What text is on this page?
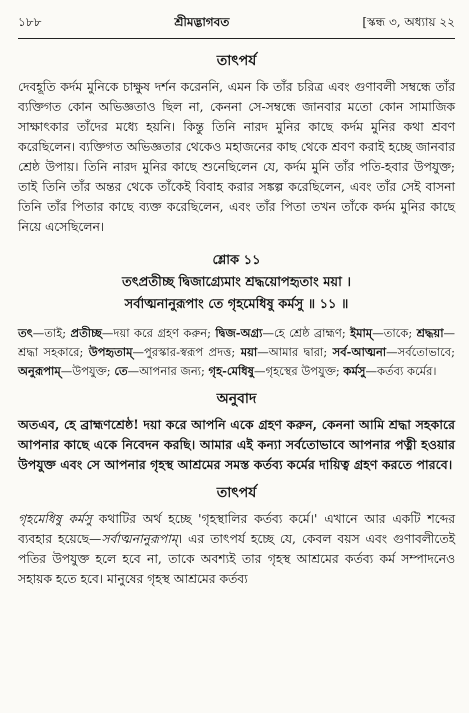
১৮৮	শ্রীমদ্ভাগবত	[স্কন্ধ ৩, অধ্যায় ২২
তাৎপর্য
দেবহূতি কর্দম মুনিকে চাক্ষুষ দর্শন করেননি, এমন কি তাঁর চরিত্র এবং গুণাবলী সম্বন্ধে তাঁর ব্যক্তিগত কোন অভিজ্ঞতাও ছিল না, কেননা সে-সম্বন্ধে জানবার মতো কোন সামাজিক সাক্ষাৎকার তাঁদের মধ্যে হয়নি। কিন্তু তিনি নারদ মুনির কাছে কর্দম মুনির কথা শ্রবণ করেছিলেন। ব্যক্তিগত অভিজ্ঞতার থেকেও মহাজনের কাছ থেকে শ্রবণ করাই হচ্ছে জানবার শ্রেষ্ঠ উপায়। তিনি নারদ মুনির কাছে শুনেছিলেন যে, কর্দম মুনি তাঁর পতি-হবার উপযুক্ত; তাই তিনি তাঁর অন্তর থেকে তাঁকেই বিবাহ করার সঙ্কল্প করেছিলেন, এবং তাঁর সেই বাসনা তিনি তাঁর পিতার কাছে ব্যক্ত করেছিলেন, এবং তাঁর পিতা তখন তাঁকে কর্দম মুনির কাছে নিয়ে এসেছিলেন।
শ্লোক ১১
তৎপ্রতীচ্ছ দ্বিজাগ্র্যেমাং শ্রদ্ধয়োপহৃতাং ময়া ।
সর্বাত্মনানুরূপাং তে গৃহমেধিষু কর্মসু ॥ ১১ ॥
তৎ—তাই; প্রতীচ্ছ—দয়া করে গ্রহণ করুন; দ্বিজ-অগ্র্য—হে শ্রেষ্ঠ ব্রাহ্মণ; ইমাম্—তাকে; শ্রদ্ধয়া—শ্রদ্ধা সহকারে; উপহৃতাম্—পুরস্কার-স্বরূপ প্রদত্ত; ময়া—আমার দ্বারা; সর্ব-আত্মনা—সর্বতোভাবে; অনুরূপাম্—উপযুক্ত; তে—আপনার জন্য; গৃহ-মেধিষু—গৃহস্থের উপযুক্ত; কর্মসু—কর্তব্য কর্মের।
অনুবাদ
অতএব, হে ব্রাহ্মণশ্রেষ্ঠ! দয়া করে আপনি একে গ্রহণ করুন, কেননা আমি শ্রদ্ধা সহকারে আপনার কাছে একে নিবেদন করছি। আমার এই কন্যা সর্বতোভাবে আপনার পত্নী হওয়ার উপযুক্ত এবং সে আপনার গৃহস্থ আশ্রমের সমস্ত কর্তব্য কর্মের দায়িত্ব গ্রহণ করতে পারবে।
তাৎপর্য
গৃহমেধিষু কর্মসু কথাটির অর্থ হচ্ছে 'গৃহস্থালির কর্তব্য কর্মে।' এখানে আর একটি শব্দের ব্যবহার হয়েছে—সর্বাত্মনানুরূপাম্। এর তাৎপর্য হচ্ছে যে, কেবল বয়স এবং গুণাবলীতেই পতির উপযুক্ত হলে হবে না, তাকে অবশ্যই তার গৃহস্থ আশ্রমের কর্তব্য কর্ম সম্পাদনেও সহায়ক হতে হবে। মানুষের গৃহস্থ আশ্রমের কর্তব্য
